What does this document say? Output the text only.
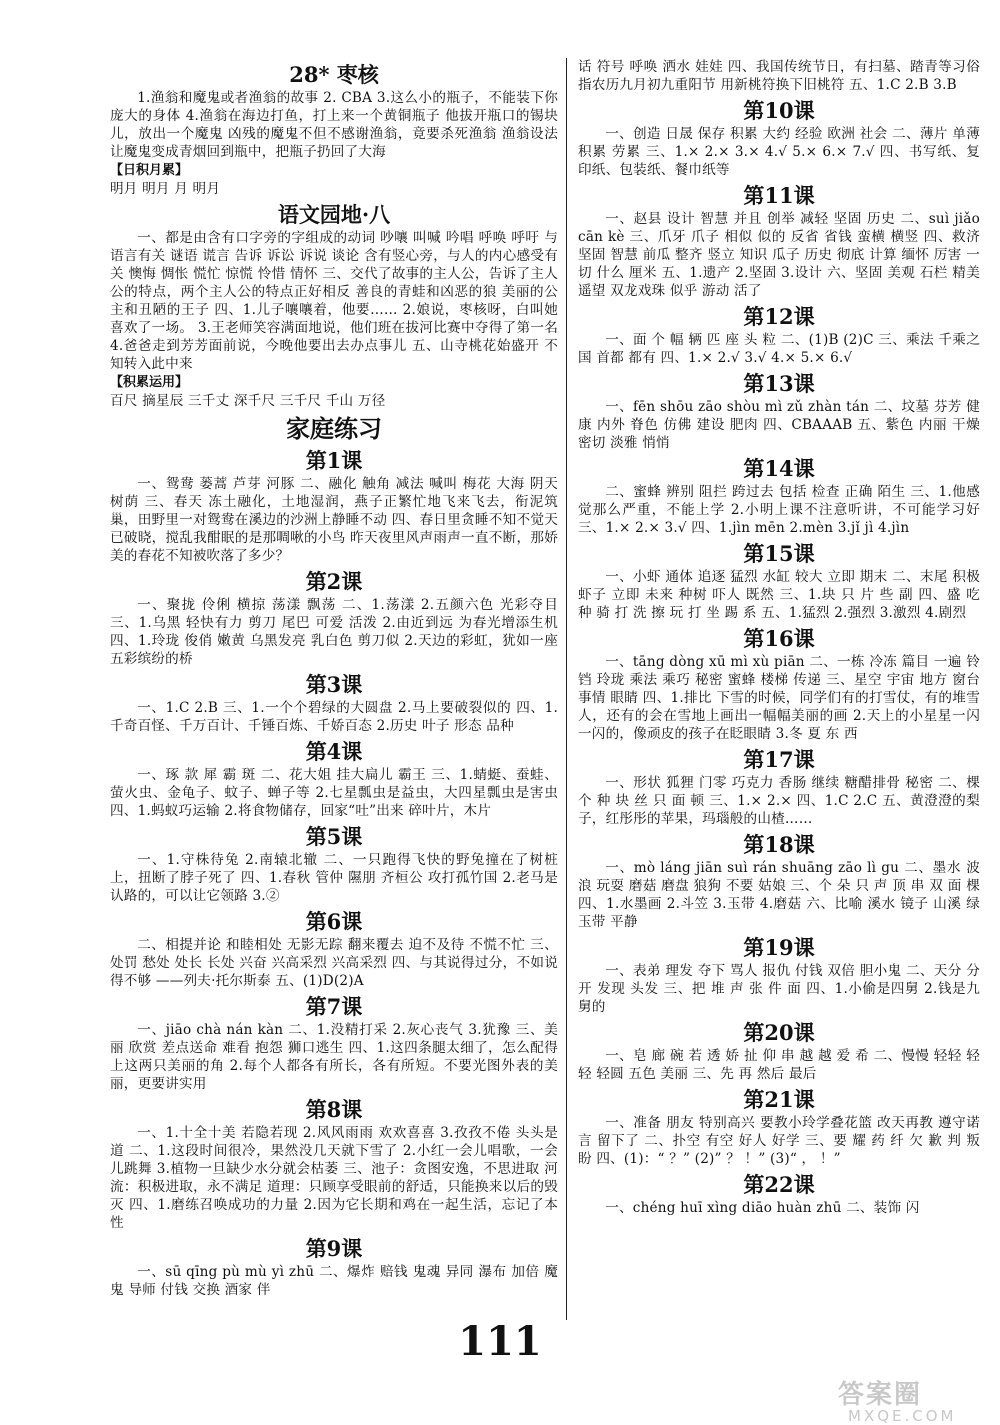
28* 枣核
1.渔翁和魔鬼或者渔翁的故事 2. CBA 3.这么小的瓶子，不能装下你庞大的身体 4.渔翁在海边打鱼，打上来一个黄铜瓶子 他拔开瓶口的锡块儿，放出一个魔鬼 凶残的魔鬼不但不感谢渔翁，竟要杀死渔翁 渔翁设法让魔鬼变成青烟回到瓶中，把瓶子扔回了大海
【日积月累】
明月 明月 月 明月
语文园地·八
一、都是由含有口字旁的字组成的动词 吵嚷 叫喊 吟唱 呼唤 呼吁 与语言有关 谜语 谎言 告诉 诉讼 诉说 谈论 含有竖心旁，与人的内心感受有关 懊悔 惆怅 慌忙 惊慌 怜惜 情怀 三、交代了故事的主人公，告诉了主人公的特点，两个主人公的特点正好相反 善良的青蛙和凶恶的狼 美丽的公主和丑陋的王子 四、1.儿子嚷嚷着，他要…… 2.娘说，枣核呀，白叫她喜欢了一场。 3.王老师笑容满面地说，他们班在拔河比赛中夺得了第一名 4.爸爸走到芳芳面前说，今晚他要出去办点事儿 五、山寺桃花始盛开 不知转入此中来
【积累运用】
百尺 摘星辰 三千丈 深千尺 三千尺 千山 万径
家庭练习
第1课
一、鸳鸯 蒌蒿 芦芽 河豚 二、融化 触角 减法 喊叫 梅花 大海 阴天 树荫 三、春天 冻土融化，土地湿润，燕子正繁忙地飞来飞去，衔泥筑巢，田野里一对鸳鸯在溪边的沙洲上静睡不动 四、春日里贪睡不知不觉天已破晓，搅乱我酣眠的是那啁啾的小鸟 昨天夜里风声雨声一直不断，那娇美的春花不知被吹落了多少？
第2课
一、聚拢 伶俐 横掠 荡漾 飘荡 二、1.荡漾 2.五颜六色 光彩夺目 三、1.乌黑 轻快有力 剪刀 尾巴 可爱 活泼 2.由近到远 为春光增添生机 四、1.玲珑 俊俏 嫩黄 乌黑发亮 乳白色 剪刀似 2.天边的彩虹，犹如一座五彩缤纷的桥
第3课
一、1.C 2.B 三、1.一个个碧绿的大圆盘 2.马上要破裂似的 四、1.千奇百怪、千万百计、千锤百炼、千娇百态 2.历史 叶子 形态 品种
第4课
一、琢 款 犀 霸 斑 二、花大姐 挂大扁儿 霸王 三、1.蜻蜓、蚕蛙、萤火虫、金龟子、蚊子、蝉子等 2.七星瓢虫是益虫，大四星瓢虫是害虫 四、1.蚂蚁巧运输 2.将食物储存，回家“吐”出来 碎叶片，木片
第5课
一、1.守株待兔 2.南辕北辙 二、一只跑得飞快的野兔撞在了树桩上，扭断了脖子死了 四、1.春秋 管仲 隰朋 齐桓公 攻打孤竹国 2.老马是认路的，可以让它领路 3.②
第6课
二、相提并论 和睦相处 无影无踪 翻来覆去 迫不及待 不慌不忙 三、处罚 愁处 处长 长处 兴奋 兴高采烈 兴高采烈 四、与其说得过分，不如说得不够 ——列夫·托尔斯泰 五、(1)D(2)A
第7课
一、jiāo chà nán kàn 二、1.没精打采 2.灰心丧气 3.犹豫 三、美丽 欣赏 差点送命 难看 抱怨 狮口逃生 四、1.这四条腿太细了，怎么配得上这两只美丽的角 2.每个人都各有所长，各有所短。不要光图外表的美丽，更要讲实用
第8课
一、1.十全十美 若隐若现 2.风风雨雨 欢欢喜喜 3.孜孜不倦 头头是道 二、1.这段时间很冷，果然没几天就下雪了 2.小红一会儿唱歌，一会儿跳舞 3.植物一旦缺少水分就会枯萎 三、池子：贪图安逸，不思进取 河流：积极进取，永不满足 道理：只顾享受眼前的舒适，只能换来以后的毁灭 四、1.磨练召唤成功的力量 2.因为它长期和鸡在一起生活，忘记了本性
第9课
一、sū qīng pù mù yì zhū 二、爆炸 赔钱 鬼魂 异同 瀑布 加倍 魔鬼 导师 付钱 交换 酒家 伴
话 符号 呼唤 洒水 娃娃 四、我国传统节日，有扫墓、踏青等习俗 指农历九月初九重阳节 用新桃符换下旧桃符 五、1.C 2.B 3.B
第10课
一、创造 日晟 保存 积累 大约 经验 欧洲 社会 二、薄片 单薄 积累 劳累 三、1.× 2.× 3.× 4.√ 5.× 6.× 7.√ 四、书写纸、复印纸、包装纸、餐巾纸等
第11课
一、赵县 设计 智慧 并且 创举 减轻 坚固 历史 二、suì jiǎo cān kè 三、爪牙 爪子 相似 似的 反省 省钱 蛮横 横竖 四、救济 坚固 智慧 前瓜 整齐 竖立 知识 瓜子 历史 彻底 计算 缅怀 厉害 一切 什么 厘米 五、1.遗产 2.坚固 3.设计 六、坚固 美观 石栏 精美 遥望 双龙戏珠 似乎 游动 活了
第12课
一、面 个 幅 辆 匹 座 头 粒 二、(1)B (2)C 三、乘法 千乘之国 首都 都有 四、1.× 2.√ 3.√ 4.× 5.× 6.√
第13课
一、fēn shōu zāo shòu mì zǔ zhàn tán 二、坟墓 芬芳 健康 内外 脊色 仿佛 建设 肥肉 四、CBAAAB 五、紫色 内丽 干燥 密切 淡雅 悄悄
第14课
二、蜜蜂 辨别 阻拦 跨过去 包括 检查 正确 陌生 三、1.他感觉那么严重，不能上学 2.小明上课不注意听讲，不可能学习好 三、1.× 2.× 3.√ 四、1.jìn mēn 2.mèn 3.jǐ jì 4.jìn
第15课
一、小虾 通体 追逐 猛烈 水缸 较大 立即 期末 二、末尾 积极 虾子 立即 未来 种树 吓人 既然 三、1.块 只 片 些 副 四、盛 吃 种 骑 打 洗 擦 玩 打 坐 踢 系 五、1.猛烈 2.强烈 3.激烈 4.剧烈
第16课
一、tāng dòng xū mì xù piān 二、一栋 冷冻 篇目 一遍 铃铛 玲珑 乘法 乘巧 秘密 蜜蜂 楼梯 传递 三、星空 宇宙 地方 窗台 事情 眼睛 四、1.排比 下雪的时候，同学们有的打雪仗，有的堆雪人，还有的会在雪地上画出一幅幅美丽的画 2.天上的小星星一闪一闪的，像顽皮的孩子在眨眼睛 3.冬 夏 东 西
第17课
一、形状 狐狸 门零 巧克力 香肠 继续 糖醋排骨 秘密 二、棵 个 种 块 丝 只 面 顿 三、1.× 2.× 四、1.C 2.C 五、黄澄澄的梨子，红彤彤的苹果，玛瑙般的山楂……
第18课
一、mò láng jiān suì rán shuāng zāo lì gu 二、墨水 波浪 玩耍 磨菇 磨盘 狼狗 不要 姑娘 三、个 朵 只 声 顶 串 双 面 棵 四、1.水墨画 2.斗笠 3.玉带 4.磨菇 六、比喻 溪水 镜子 山溪 绿玉带 平静
第19课
一、表弟 理发 夺下 骂人 报仇 付钱 双倍 胆小鬼 二、天分 分开 发现 头发 三、把 堆 声 张 件 面 四、1.小偷是四舅 2.钱是九舅的
第20课
一、皂 廊 碗 若 透 娇 扯 仰 串 越 越 爱 希 二、慢慢 轻轻 轻轻 轻圆 五色 美丽 三、先 再 然后 最后
第21课
一、准备 朋友 特别高兴 要教小玲学叠花篮 改天再教 遵守诺言 留下了 二、扑空 有空 好人 好学 三、要 耀 药 纤 欠 歉 判 叛 盼 四、(1)：“ ？” (2)” ？ ！” (3)“ ， ！”
第22课
一、chéng huī xìng diāo huàn zhū 二、装饰 闪
111
答案圈
MXQE.COM
